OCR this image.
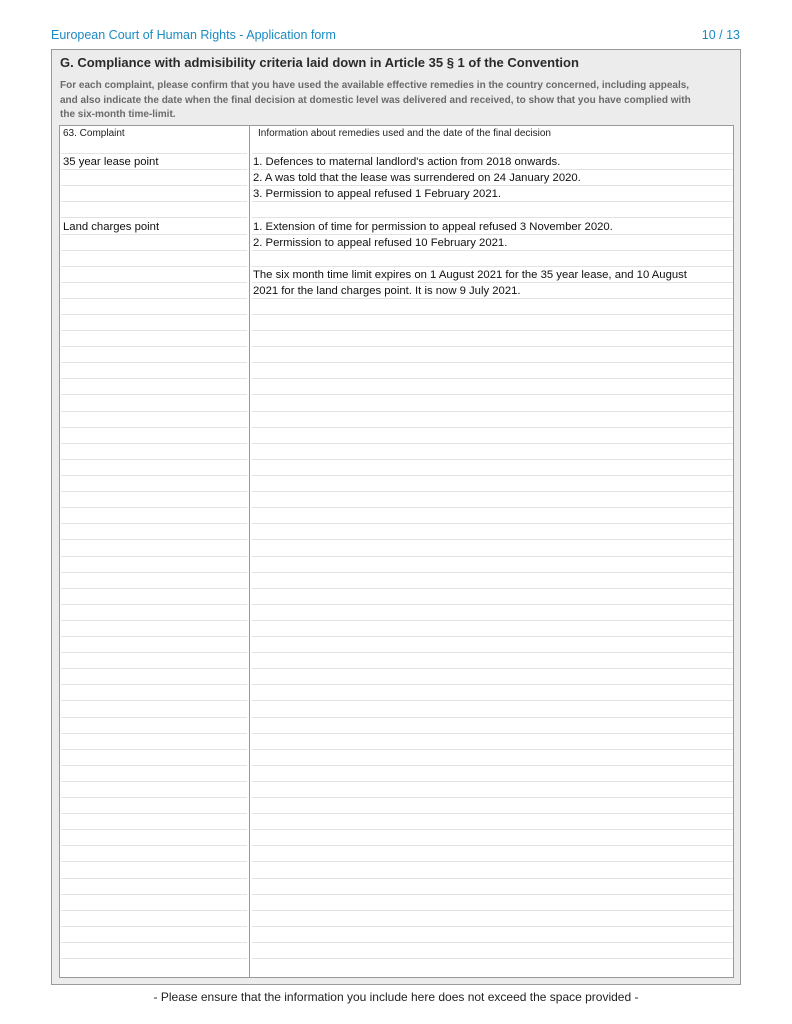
European Court of Human Rights - Application form	10 / 13
G. Compliance with admisibility criteria laid down in Article 35 § 1 of the Convention
For each complaint, please confirm that you have used the available effective remedies in the country concerned, including appeals,
and also indicate the date when the final decision at domestic level was delivered and received, to show that you have complied with
the six-month time-limit.
63. Complaint	Information about remedies used and the date of the final decision
35 year lease point
Land charges point
1. Defences to maternal landlord's action from 2018 onwards.
2. A was told that the lease was surrendered on 24 January 2020.
3. Permission to appeal refused 1 February 2021.
1. Extension of time for permission to appeal refused 3 November 2020.
2. Permission to appeal refused 10 February 2021.
The six month time limit expires on 1 August 2021 for the 35 year lease, and 10 August
2021 for the land charges point. It is now 9 July 2021.
- Please ensure that the information you include here does not exceed the space provided -
